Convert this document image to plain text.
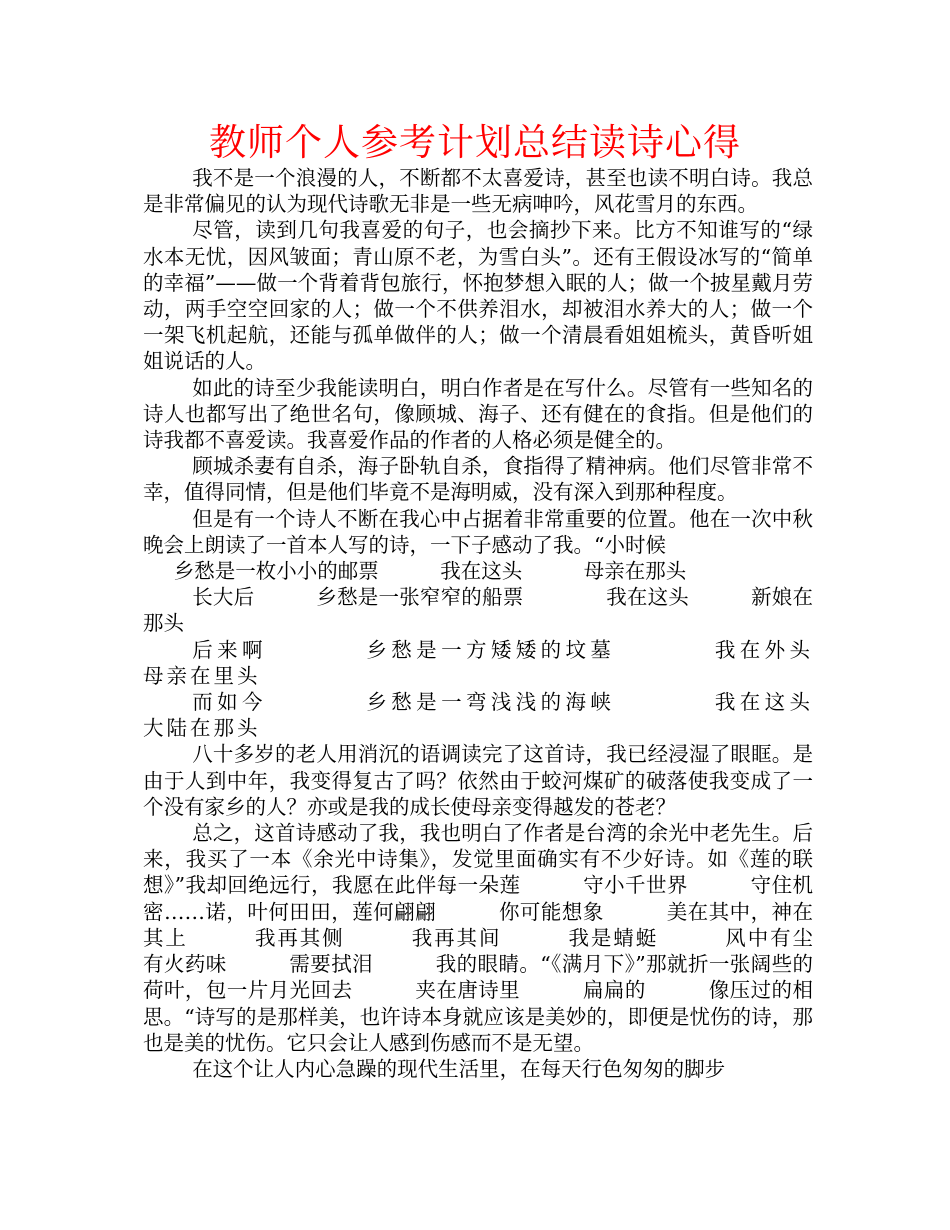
教师个人参考计划总结读诗心得

我不是一个浪漫的人，不断都不太喜爱诗，甚至也读不明白诗。我总是非常偏见的认为现代诗歌无非是一些无病呻吟，风花雪月的东西。

尽管，读到几句我喜爱的句子，也会摘抄下来。比方不知谁写的“绿水本无忧，因风皱面；青山原不老，为雪白头”。还有王假设冰写的“简单的幸福”——做一个背着背包旅行，怀抱梦想入眠的人；做一个披星戴月劳动，两手空空回家的人；做一个不供养泪水，却被泪水养大的人；做一个一架飞机起航，还能与孤单做伴的人；做一个清晨看姐姐梳头，黄昏听姐姐说话的人。

如此的诗至少我能读明白，明白作者是在写什么。尽管有一些知名的诗人也都写出了绝世名句，像顾城、海子、还有健在的食指。但是他们的诗我都不喜爱读。我喜爱作品的作者的人格必须是健全的。

顾城杀妻有自杀，海子卧轨自杀，食指得了精神病。他们尽管非常不幸，值得同情，但是他们毕竟不是海明威，没有深入到那种程度。

但是有一个诗人不断在我心中占据着非常重要的位置。他在一次中秋晚会上朗读了一首本人写的诗，一下子感动了我。“小时候

乡愁是一枚小小的邮票　　　我在这头　　　母亲在那头

长大后　　　乡愁是一张窄窄的船票　　　　我在这头　　　新娘在那头

后来啊　　　　乡愁是一方矮矮的坟墓　　　　我在外头　　　母亲在里头

而如今　　　　乡愁是一弯浅浅的海峡　　　　我在这头　　　大陆在那头

八十多岁的老人用消沉的语调读完了这首诗，我已经浸湿了眼眶。是由于人到中年，我变得复古了吗？依然由于蛟河煤矿的破落使我变成了一个没有家乡的人？亦或是我的成长使母亲变得越发的苍老？

总之，这首诗感动了我，我也明白了作者是台湾的余光中老先生。后来，我买了一本《余光中诗集》，发觉里面确实有不少好诗。如《莲的联想》”我却回绝远行，我愿在此伴每一朵莲　　　守小千世界　　　守住机密……诺，叶何田田，莲何翩翩　　　你可能想象　　　美在其中，神在其上　　　我再其侧　　　我再其间　　　我是蜻蜓　　　风中有尘　　　有火药味　　　需要拭泪　　　我的眼睛。“《满月下》”那就折一张阔些的荷叶，包一片月光回去　　　夹在唐诗里　　　扁扁的　　　像压过的相思。“诗写的是那样美，也许诗本身就应该是美妙的，即便是忧伤的诗，那也是美的忧伤。它只会让人感到伤感而不是无望。

在这个让人内心急躁的现代生活里，在每天行色匆匆的脚步
